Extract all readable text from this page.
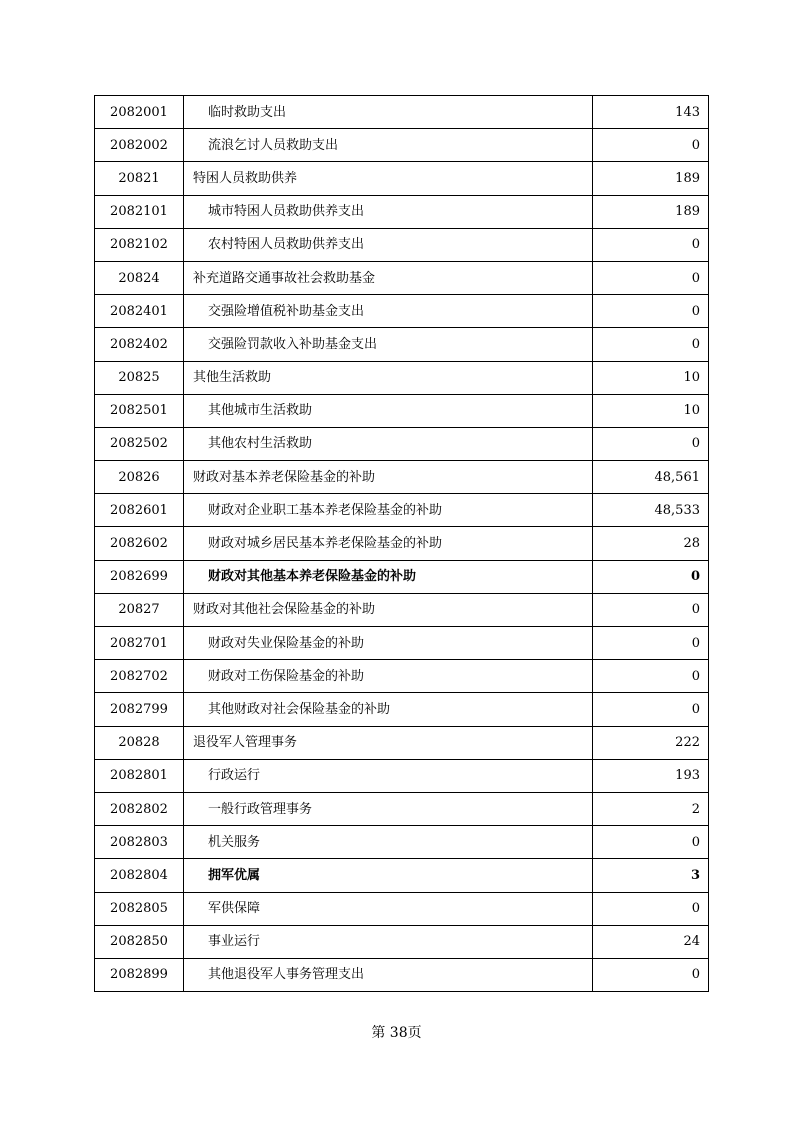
2082001	临时救助支出	143
2082002	流浪乞讨人员救助支出	0
20821	特困人员救助供养	189
2082101	城市特困人员救助供养支出	189
2082102	农村特困人员救助供养支出	0
20824	补充道路交通事故社会救助基金	0
2082401	交强险增值税补助基金支出	0
2082402	交强险罚款收入补助基金支出	0
20825	其他生活救助	10
2082501	其他城市生活救助	10
2082502	其他农村生活救助	0
20826	财政对基本养老保险基金的补助	48,561
2082601	财政对企业职工基本养老保险基金的补助	48,533
2082602	财政对城乡居民基本养老保险基金的补助	28
2082699	财政对其他基本养老保险基金的补助	0
20827	财政对其他社会保险基金的补助	0
2082701	财政对失业保险基金的补助	0
2082702	财政对工伤保险基金的补助	0
2082799	其他财政对社会保险基金的补助	0
20828	退役军人管理事务	222
2082801	行政运行	193
2082802	一般行政管理事务	2
2082803	机关服务	0
2082804	拥军优属	3
2082805	军供保障	0
2082850	事业运行	24
2082899	其他退役军人事务管理支出	0
第 38页
